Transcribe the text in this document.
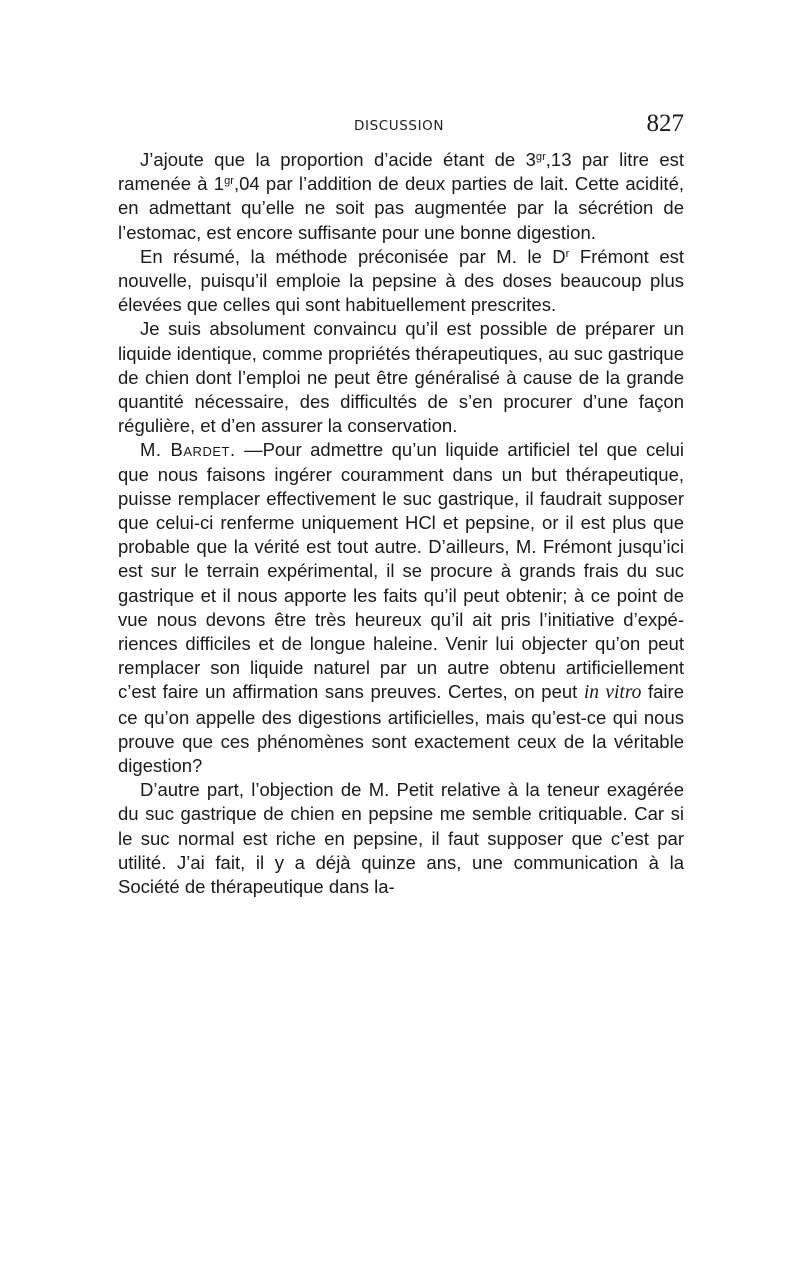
DISCUSSION	827

J’ajoute que la proportion d’acide étant de $3^{gr},13$ par litre est ramenée à $1^{gr},04$ par l’addition de deux parties de lait. Cette acidité, en admettant qu’elle ne soit pas augmentée par la sécrétion de l’estomac, est encore suffisante pour une bonne digestion.

En résumé, la méthode préconisée par M. le $D^r$ Frémont est nouvelle, puisqu’il emploie la pepsine à des doses beaucoup plus élevées que celles qui sont habituellement prescrites.

Je suis absolument convaincu qu’il est possible de préparer un liquide identique, comme propriétés thérapeutiques, au suc gastrique de chien dont l’emploi ne peut être généralisé à cause de la grande quantité nécessaire, des difficultés de s’en procurer d’une façon régulière, et d’en assurer la conservation.

M. Bardet. —Pour admettre qu’un liquide artificiel tel que celui que nous faisons ingérer couramment dans un but thérapeutique, puisse remplacer effectivement le suc gastrique, il faudrait supposer que celui-ci renferme uniquement HCl et pepsine, or il est plus que probable que la vérité est tout autre. D’ailleurs, M. Frémont jusqu’ici est sur le terrain expérimental, il se procure à grands frais du suc gastrique et il nous apporte les faits qu’il peut obtenir; à ce point de vue nous devons être très heureux qu’il ait pris l’initiative d’expériences difficiles et de longue haleine. Venir lui objecter qu’on peut remplacer son liquide naturel par un autre obtenu artificiellement c’est faire un affirmation sans preuves. Certes, on peut in vitro faire ce qu’on appelle des digestions artificielles, mais qu’est-ce qui nous prouve que ces phénomènes sont exactement ceux de la véritable digestion?

D’autre part, l’objection de M. Petit relative à la teneur exagérée du suc gastrique de chien en pepsine me semble critiquable. Car si le suc normal est riche en pepsine, il faut supposer que c’est par utilité. J’ai fait, il y a déjà quinze ans, une communication à la Société de thérapeutique dans la-
